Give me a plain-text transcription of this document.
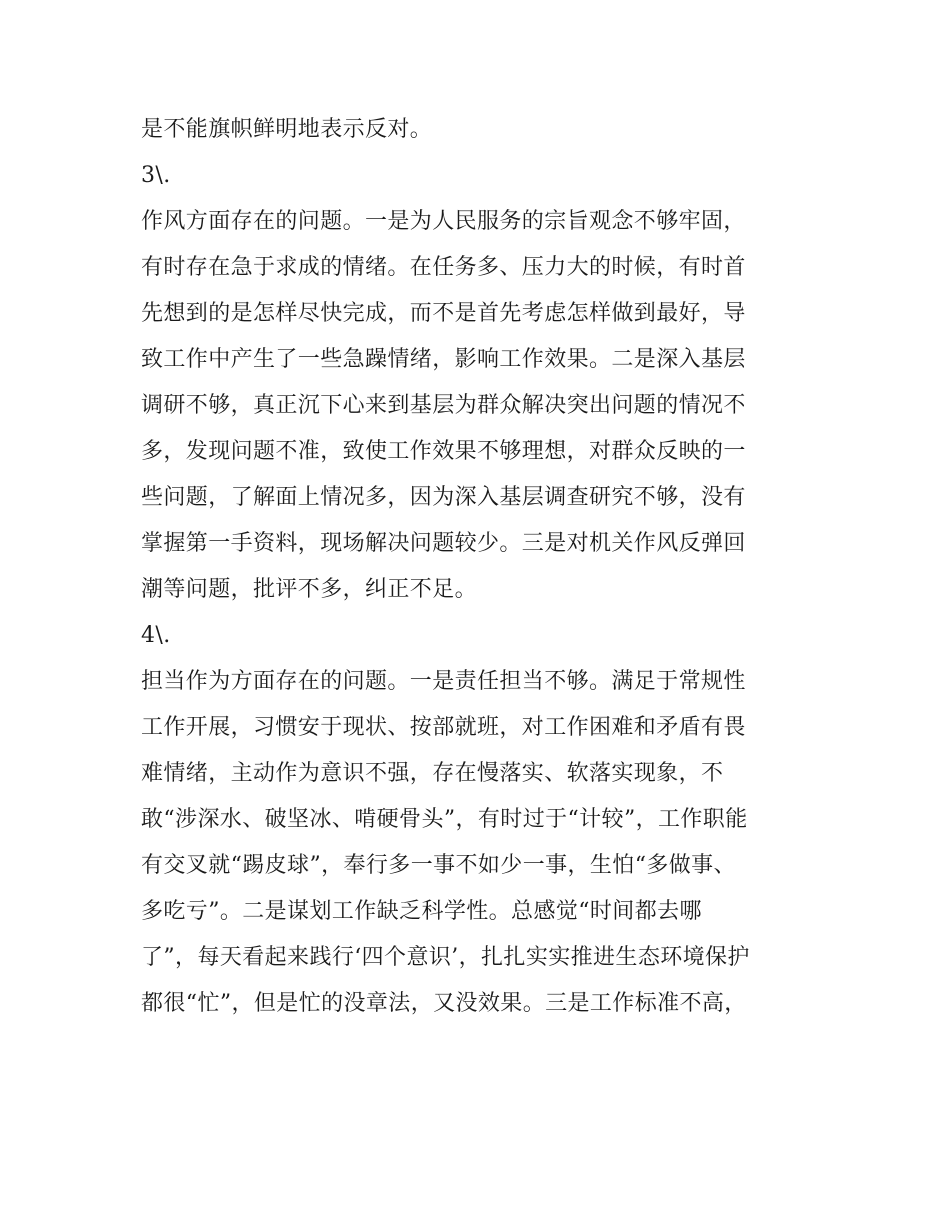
是不能旗帜鲜明地表示反对。
3\.
作风方面存在的问题。一是为人民服务的宗旨观念不够牢固，
有时存在急于求成的情绪。在任务多、压力大的时候，有时首
先想到的是怎样尽快完成，而不是首先考虑怎样做到最好，导
致工作中产生了一些急躁情绪，影响工作效果。二是深入基层
调研不够，真正沉下心来到基层为群众解决突出问题的情况不
多，发现问题不准，致使工作效果不够理想，对群众反映的一
些问题，了解面上情况多，因为深入基层调查研究不够，没有
掌握第一手资料，现场解决问题较少。三是对机关作风反弹回
潮等问题，批评不多，纠正不足。
4\.
担当作为方面存在的问题。一是责任担当不够。满足于常规性
工作开展，习惯安于现状、按部就班，对工作困难和矛盾有畏
难情绪，主动作为意识不强，存在慢落实、软落实现象，不
敢“涉深水、破坚冰、啃硬骨头”，有时过于“计较”，工作职能
有交叉就“踢皮球”，奉行多一事不如少一事，生怕“多做事、
多吃亏”。二是谋划工作缺乏科学性。总感觉“时间都去哪
了”，每天看起来践行‘四个意识’，扎扎实实推进生态环境保护
都很“忙”，但是忙的没章法，又没效果。三是工作标准不高，
